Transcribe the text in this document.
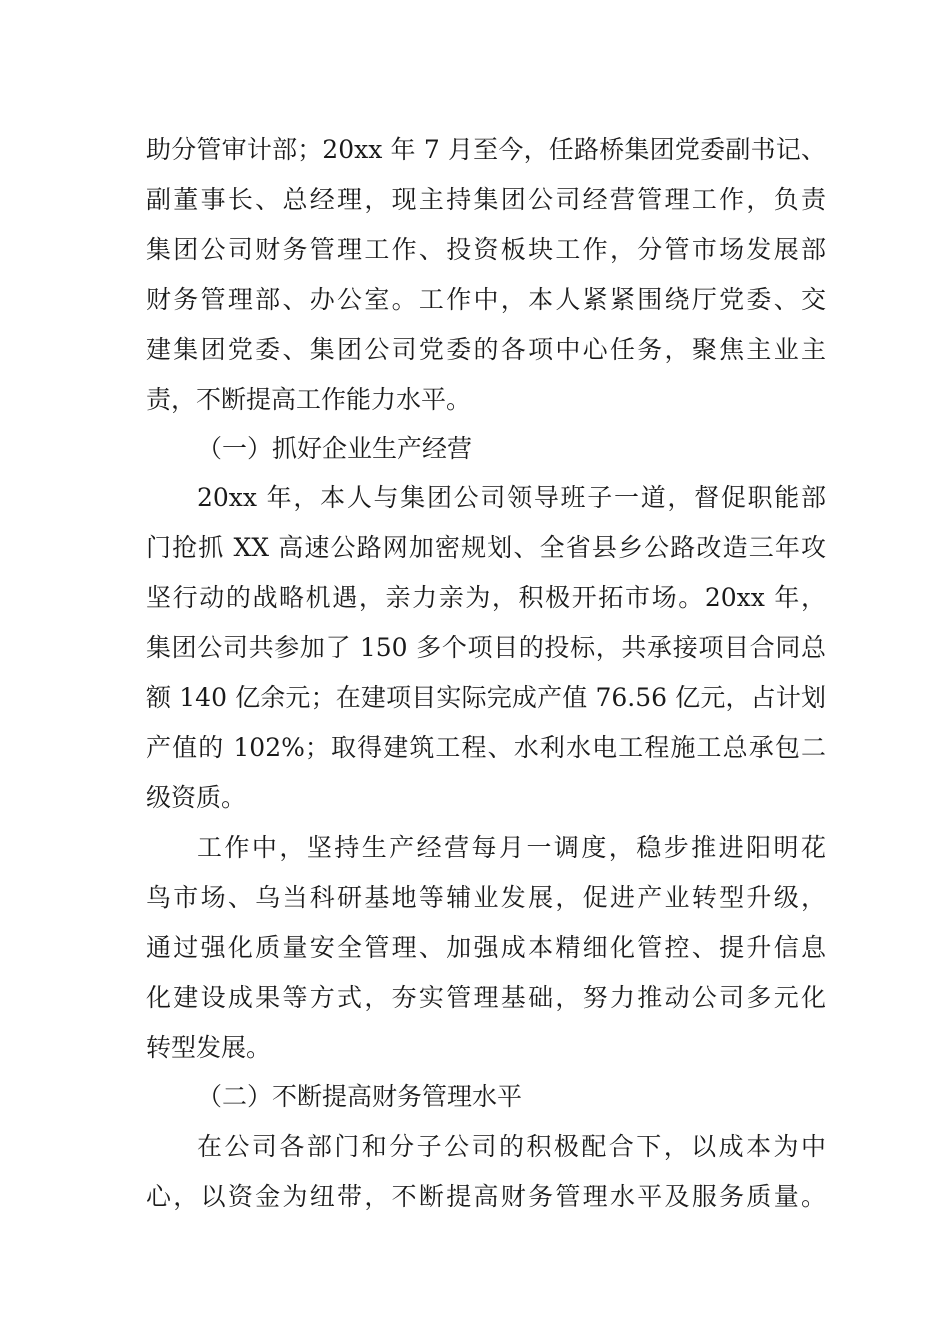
助分管审计部；20xx 年 7 月至今，任路桥集团党委副书记、
副董事长、总经理，现主持集团公司经营管理工作，负责
集团公司财务管理工作、投资板块工作，分管市场发展部
财务管理部、办公室。工作中，本人紧紧围绕厅党委、交
建集团党委、集团公司党委的各项中心任务，聚焦主业主
责，不断提高工作能力水平。
（一）抓好企业生产经营
20xx 年，本人与集团公司领导班子一道，督促职能部
门抢抓 XX 高速公路网加密规划、全省县乡公路改造三年攻
坚行动的战略机遇，亲力亲为，积极开拓市场。20xx 年，
集团公司共参加了 150 多个项目的投标，共承接项目合同总
额 140 亿余元；在建项目实际完成产值 76.56 亿元，占计划
产值的 102%；取得建筑工程、水利水电工程施工总承包二
级资质。
工作中，坚持生产经营每月一调度，稳步推进阳明花
鸟市场、乌当科研基地等辅业发展，促进产业转型升级，
通过强化质量安全管理、加强成本精细化管控、提升信息
化建设成果等方式，夯实管理基础，努力推动公司多元化
转型发展。
（二）不断提高财务管理水平
在公司各部门和分子公司的积极配合下，以成本为中
心，以资金为纽带，不断提高财务管理水平及服务质量。
